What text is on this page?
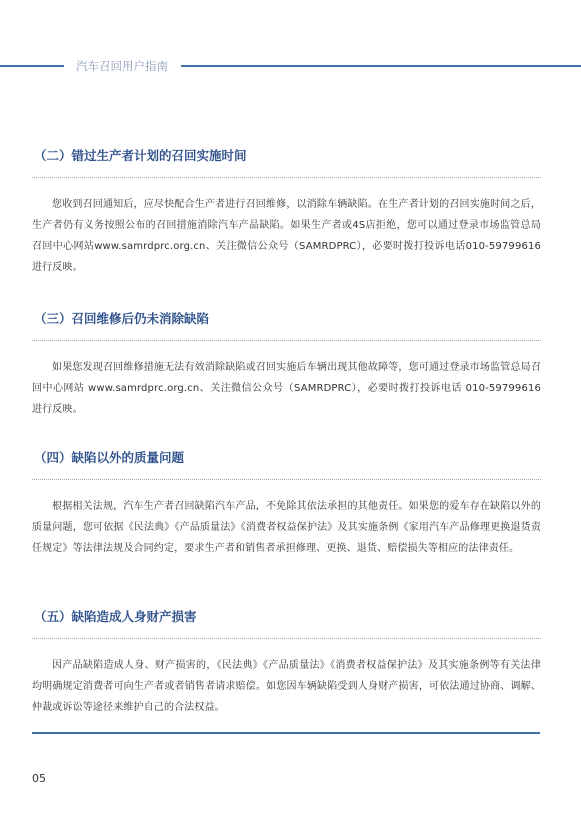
汽车召回用户指南
（二）错过生产者计划的召回实施时间

您收到召回通知后，应尽快配合生产者进行召回维修，以消除车辆缺陷。在生产者计划的召回实施时间之后，生产者仍有义务按照公布的召回措施消除汽车产品缺陷。如果生产者或4S店拒绝，您可以通过登录市场监管总局召回中心网站www.samrdprc.org.cn、关注微信公众号（SAMRDPRC），必要时拨打投诉电话010-59799616进行反映。

（三）召回维修后仍未消除缺陷

如果您发现召回维修措施无法有效消除缺陷或召回实施后车辆出现其他故障等，您可通过登录市场监管总局召回中心网站 www.samrdprc.org.cn、关注微信公众号（SAMRDPRC），必要时拨打投诉电话 010-59799616 进行反映。

（四）缺陷以外的质量问题

根据相关法规，汽车生产者召回缺陷汽车产品，不免除其依法承担的其他责任。如果您的爱车存在缺陷以外的质量问题，您可依据《民法典》《产品质量法》《消费者权益保护法》及其实施条例《家用汽车产品修理更换退货责任规定》等法律法规及合同约定，要求生产者和销售者承担修理、更换、退货、赔偿损失等相应的法律责任。

（五）缺陷造成人身财产损害

因产品缺陷造成人身、财产损害的，《民法典》《产品质量法》《消费者权益保护法》及其实施条例等有关法律均明确规定消费者可向生产者或者销售者请求赔偿。如您因车辆缺陷受到人身财产损害，可依法通过协商、调解、仲裁或诉讼等途径来维护自己的合法权益。

05
